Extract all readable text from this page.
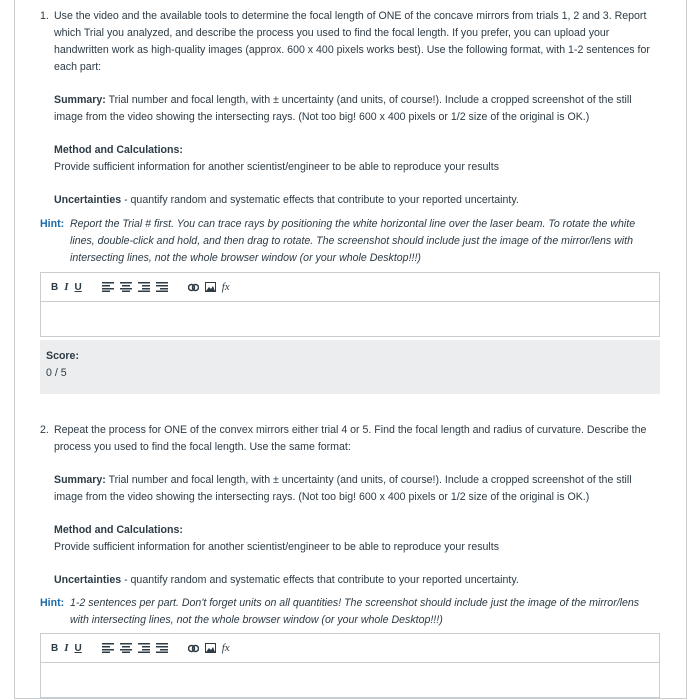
1. Use the video and the available tools to determine the focal length of ONE of the concave mirrors from trials 1, 2 and 3. Report which Trial you analyzed, and describe the process you used to find the focal length. If you prefer, you can upload your handwritten work as high-quality images (approx. 600 x 400 pixels works best). Use the following format, with 1-2 sentences for each part:

Summary: Trial number and focal length, with ± uncertainty (and units, of course!). Include a cropped screenshot of the still image from the video showing the intersecting rays. (Not too big! 600 x 400 pixels or 1/2 size of the original is OK.)

Method and Calculations:

Provide sufficient information for another scientist/engineer to be able to reproduce your results

Uncertainties - quantify random and systematic effects that contribute to your reported uncertainty.

Hint: Report the Trial # first. You can trace rays by positioning the white horizontal line over the laser beam. To rotate the white lines, double-click and hold, and then drag to rotate. The screenshot should include just the image of the mirror/lens with intersecting lines, not the whole browser window (or your whole Desktop!!!)

B I U	fx
Score:
0 / 5
2. Repeat the process for ONE of the convex mirrors either trial 4 or 5. Find the focal length and radius of curvature. Describe the process you used to find the focal length. Use the same format:

Summary: Trial number and focal length, with ± uncertainty (and units, of course!). Include a cropped screenshot of the still image from the video showing the intersecting rays. (Not too big! 600 x 400 pixels or 1/2 size of the original is OK.)

Method and Calculations:

Provide sufficient information for another scientist/engineer to be able to reproduce your results

Uncertainties - quantify random and systematic effects that contribute to your reported uncertainty.

Hint: 1-2 sentences per part. Don't forget units on all quantities! The screenshot should include just the image of the mirror/lens with intersecting lines, not the whole browser window (or your whole Desktop!!!)

B I U	fx
